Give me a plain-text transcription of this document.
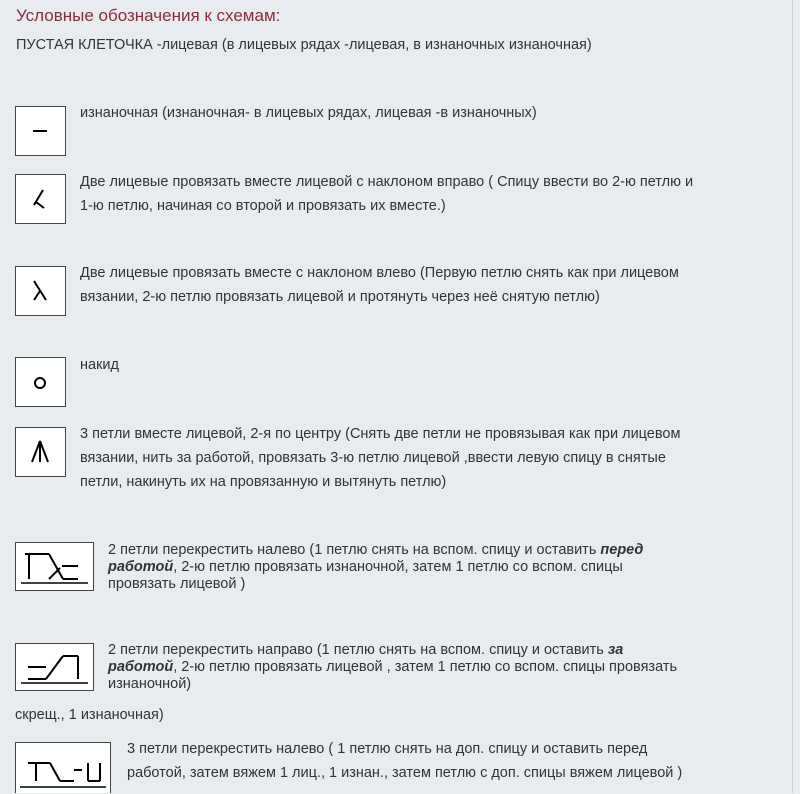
Условные обозначения к схемам:
ПУСТАЯ КЛЕТОЧКА -лицевая (в лицевых рядах -лицевая, в изнаночных изнаночная)
изнаночная (изнаночная- в лицевых рядах, лицевая -в изнаночных)
Две лицевые провязать вместе лицевой с наклоном вправо ( Спицу ввести во 2-ю петлю и
1-ю петлю, начиная со второй и провязать их вместе.)
Две лицевые провязать вместе с наклоном влево (Первую петлю снять как при лицевом
вязании, 2-ю петлю провязать лицевой и протянуть через неё снятую петлю)
накид
3 петли вместе лицевой, 2-я по центру (Снять две петли не провязывая как при лицевом
вязании, нить за работой, провязать 3-ю петлю лицевой ,ввести левую спицу в снятые
петли, накинуть их на провязанную и вытянуть петлю)
2 петли перекрестить налево (1 петлю снять на вспом. спицу и оставить перед
работой, 2-ю петлю провязать изнаночной, затем 1 петлю со вспом. спицы
провязать лицевой )
2 петли перекрестить направо (1 петлю снять на вспом. спицу и оставить за
работой, 2-ю петлю провязать лицевой , затем 1 петлю со вспом. спицы провязать
изнаночной)
скрещ., 1 изнаночная)
3 петли перекрестить налево ( 1 петлю снять на доп. спицу и оставить перед
работой, затем вяжем 1 лиц., 1 изнан., затем петлю с доп. спицы вяжем лицевой )
